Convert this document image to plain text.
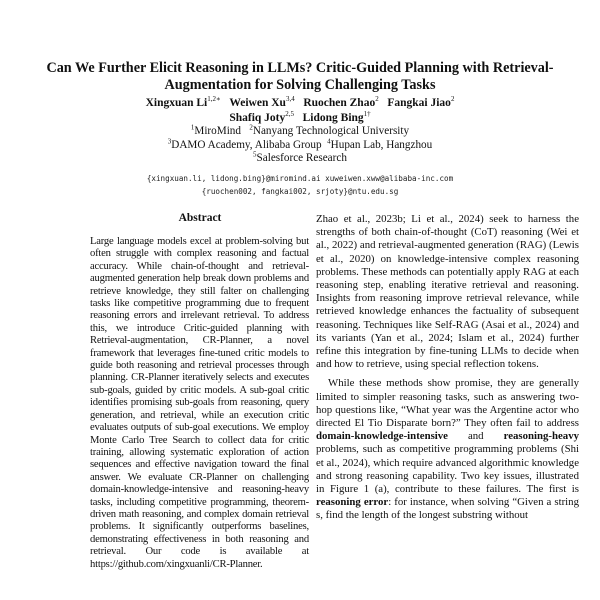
Can We Further Elicit Reasoning in LLMs? Critic-Guided Planning with Retrieval-Augmentation for Solving Challenging Tasks
Xingxuan Li$^{1,2∗}$ Weiwen Xu$^{3,4}$ Ruochen Zhao$^2$ Fangkai Jiao$^2$
Shafiq Joty$^{2,5}$ Lidong Bing$^{1\dagger}$
$^1$MiroMind $^2$Nanyang Technological University
$^3$DAMO Academy, Alibaba Group $^4$Hupan Lab, Hangzhou
$^5$Salesforce Research
{xingxuan.li, lidong.bing}@miromind.ai xuweiwen.xww@alibaba-inc.com
{ruochen002, fangkai002, srjoty}@ntu.edu.sg
Abstract
Large language models excel at problem-solving but often struggle with complex reasoning and factual accuracy. While chain-of-thought and retrieval-augmented generation help break down problems and retrieve knowledge, they still falter on challenging tasks like competitive programming due to frequent reasoning errors and irrelevant retrieval. To address this, we introduce Critic-guided planning with Retrieval-augmentation, CR-Planner, a novel framework that leverages fine-tuned critic models to guide both reasoning and retrieval processes through planning. CR-Planner iteratively selects and executes sub-goals, guided by critic models. A sub-goal critic identifies promising sub-goals from reasoning, query generation, and retrieval, while an execution critic evaluates outputs of sub-goal executions. We employ Monte Carlo Tree Search to collect data for critic training, allowing systematic exploration of action sequences and effective navigation toward the final answer. We evaluate CR-Planner on challenging domain-knowledge-intensive and reasoning-heavy tasks, including competitive programming, theorem-driven math reasoning, and complex domain retrieval problems. It significantly outperforms baselines, demonstrating effectiveness in both reasoning and retrieval. Our code is available at https://github.com/xingxuanli/CR-Planner.

Zhao et al., 2023b; Li et al., 2024) seek to harness the strengths of both chain-of-thought (CoT) reasoning (Wei et al., 2022) and retrieval-augmented generation (RAG) (Lewis et al., 2020) on knowledge-intensive complex reasoning problems. These methods can potentially apply RAG at each reasoning step, enabling iterative retrieval and reasoning. Insights from reasoning improve retrieval relevance, while retrieved knowledge enhances the factuality of subsequent reasoning. Techniques like Self-RAG (Asai et al., 2024) and its variants (Yan et al., 2024; Islam et al., 2024) further refine this integration by fine-tuning LLMs to decide when and how to retrieve, using special reflection tokens.

While these methods show promise, they are generally limited to simpler reasoning tasks, such as answering two-hop questions like, “What year was the Argentine actor who directed El Tio Disparate born?” They often fail to address domain-knowledge-intensive and reasoning-heavy problems, such as competitive programming problems (Shi et al., 2024), which require advanced algorithmic knowledge and strong reasoning capability. Two key issues, illustrated in Figure 1 (a), contribute to these failures. The first is reasoning error: for instance, when solving “Given a string s, find the length of the longest substring without
